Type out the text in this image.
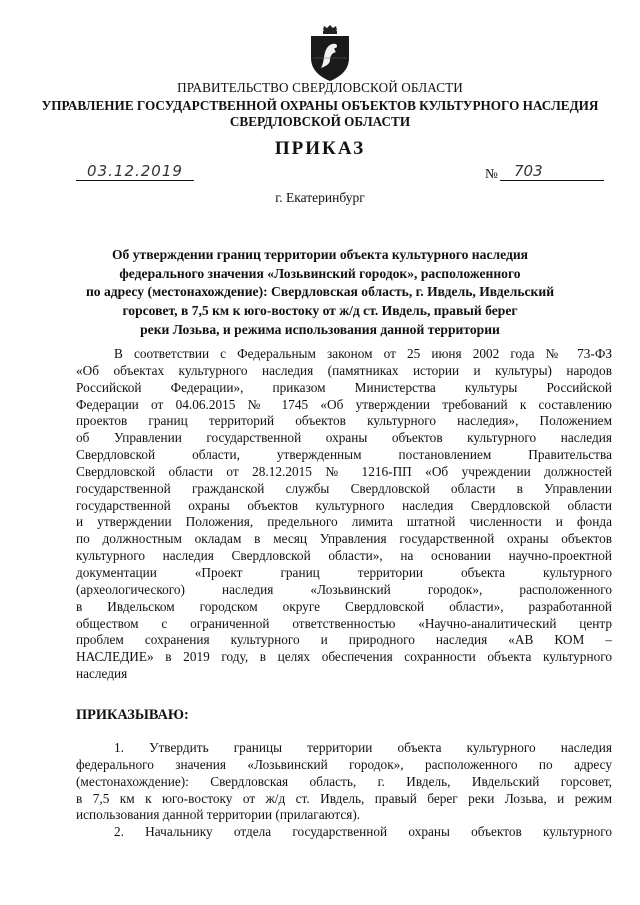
ПРАВИТЕЛЬСТВО СВЕРДЛОВСКОЙ ОБЛАСТИ
УПРАВЛЕНИЕ ГОСУДАРСТВЕННОЙ ОХРАНЫ ОБЪЕКТОВ КУЛЬТУРНОГО НАСЛЕДИЯ
СВЕРДЛОВСКОЙ ОБЛАСТИ
ПРИКАЗ
03.12.2019	№	703
г. Екатеринбург
Об утверждении границ территории объекта культурного наследия
федерального значения «Лозьвинский городок», расположенного
по адресу (местонахождение): Свердловская область, г. Ивдель, Ивдельский
горсовет, в 7,5 км к юго-востоку от ж/д ст. Ивдель, правый берег
реки Лозьва, и режима использования данной территории
В соответствии с Федеральным законом от 25 июня 2002 года № 73-ФЗ
«Об объектах культурного наследия (памятниках истории и культуры) народов
Российской Федерации», приказом Министерства культуры Российской
Федерации от 04.06.2015 № 1745 «Об утверждении требований к составлению
проектов границ территорий объектов культурного наследия», Положением
об Управлении государственной охраны объектов культурного наследия
Свердловской области, утвержденным постановлением Правительства
Свердловской области от 28.12.2015 № 1216-ПП «Об учреждении должностей
государственной гражданской службы Свердловской области в Управлении
государственной охраны объектов культурного наследия Свердловской области
и утверждении Положения, предельного лимита штатной численности и фонда
по должностным окладам в месяц Управления государственной охраны объектов
культурного наследия Свердловской области», на основании научно-проектной
документации «Проект границ территории объекта культурного
(археологического) наследия «Лозьвинский городок», расположенного
в Ивдельском городском округе Свердловской области», разработанной
обществом с ограниченной ответственностью «Научно-аналитический центр
проблем сохранения культурного и природного наследия «АВ КОМ –
НАСЛЕДИЕ» в 2019 году, в целях обеспечения сохранности объекта культурного
наследия
ПРИКАЗЫВАЮ:
1. Утвердить границы территории объекта культурного наследия
федерального значения «Лозьвинский городок», расположенного по адресу
(местонахождение): Свердловская область, г. Ивдель, Ивдельский горсовет,
в 7,5 км к юго-востоку от ж/д ст. Ивдель, правый берег реки Лозьва, и режим
использования данной территории (прилагаются).
2. Начальнику отдела государственной охраны объектов культурного
